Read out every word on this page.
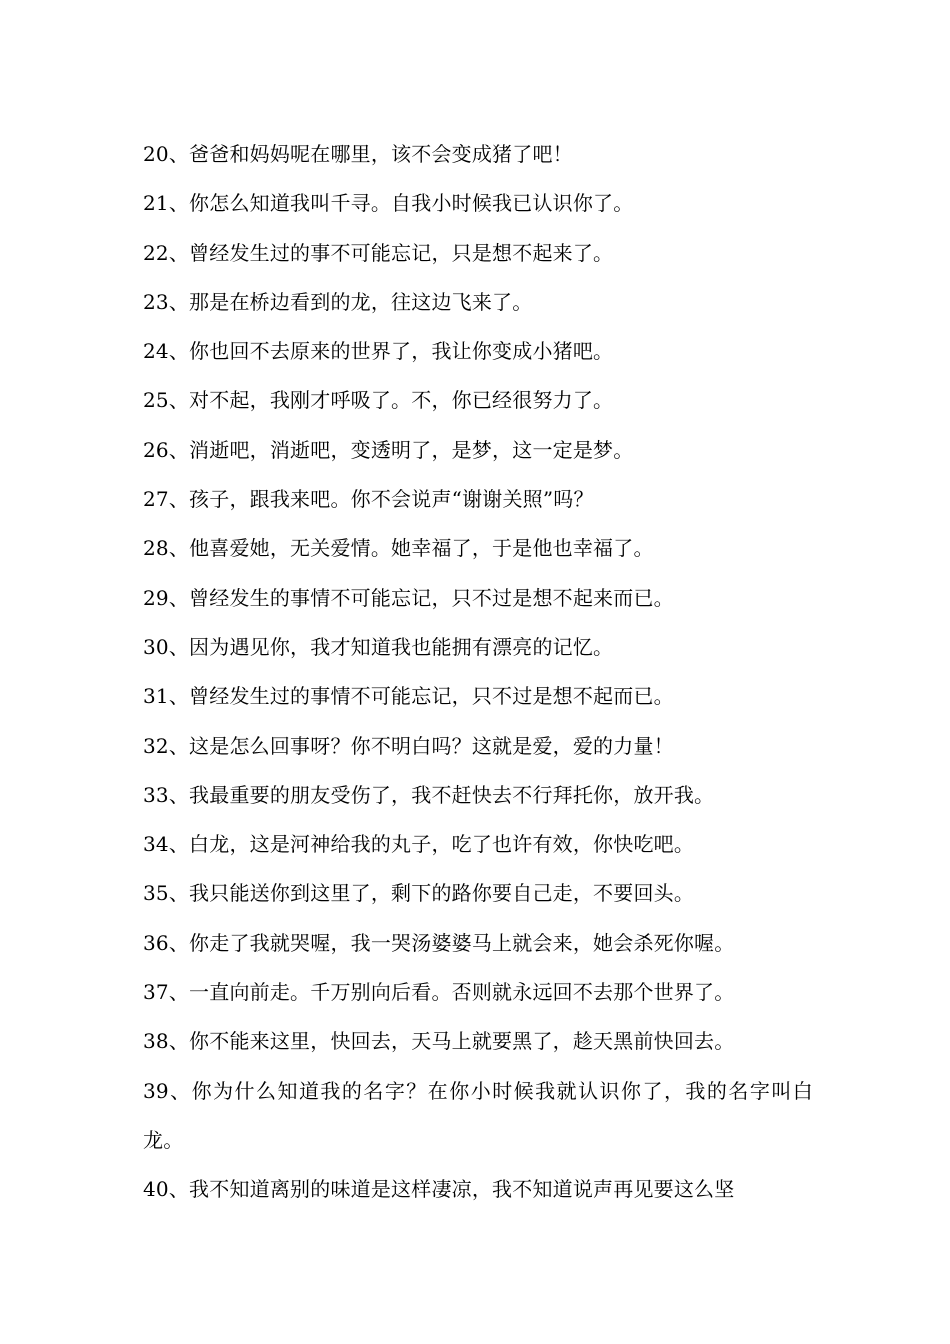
20、爸爸和妈妈呢在哪里，该不会变成猪了吧！

21、你怎么知道我叫千寻。自我小时候我已认识你了。

22、曾经发生过的事不可能忘记，只是想不起来了。

23、那是在桥边看到的龙，往这边飞来了。

24、你也回不去原来的世界了，我让你变成小猪吧。

25、对不起，我刚才呼吸了。不，你已经很努力了。

26、消逝吧，消逝吧，变透明了，是梦，这一定是梦。

27、孩子，跟我来吧。你不会说声“谢谢关照”吗？

28、他喜爱她，无关爱情。她幸福了，于是他也幸福了。

29、曾经发生的事情不可能忘记，只不过是想不起来而已。

30、因为遇见你，我才知道我也能拥有漂亮的记忆。

31、曾经发生过的事情不可能忘记，只不过是想不起而已。

32、这是怎么回事呀？你不明白吗？这就是爱，爱的力量！

33、我最重要的朋友受伤了，我不赶快去不行拜托你，放开我。

34、白龙，这是河神给我的丸子，吃了也许有效，你快吃吧。

35、我只能送你到这里了，剩下的路你要自己走，不要回头。

36、你走了我就哭喔，我一哭汤婆婆马上就会来，她会杀死你喔。

37、一直向前走。千万别向后看。否则就永远回不去那个世界了。

38、你不能来这里，快回去，天马上就要黑了，趁天黑前快回去。

39、你为什么知道我的名字？在你小时候我就认识你了，我的名字叫白龙。

40、我不知道离别的味道是这样凄凉，我不知道说声再见要这么坚
